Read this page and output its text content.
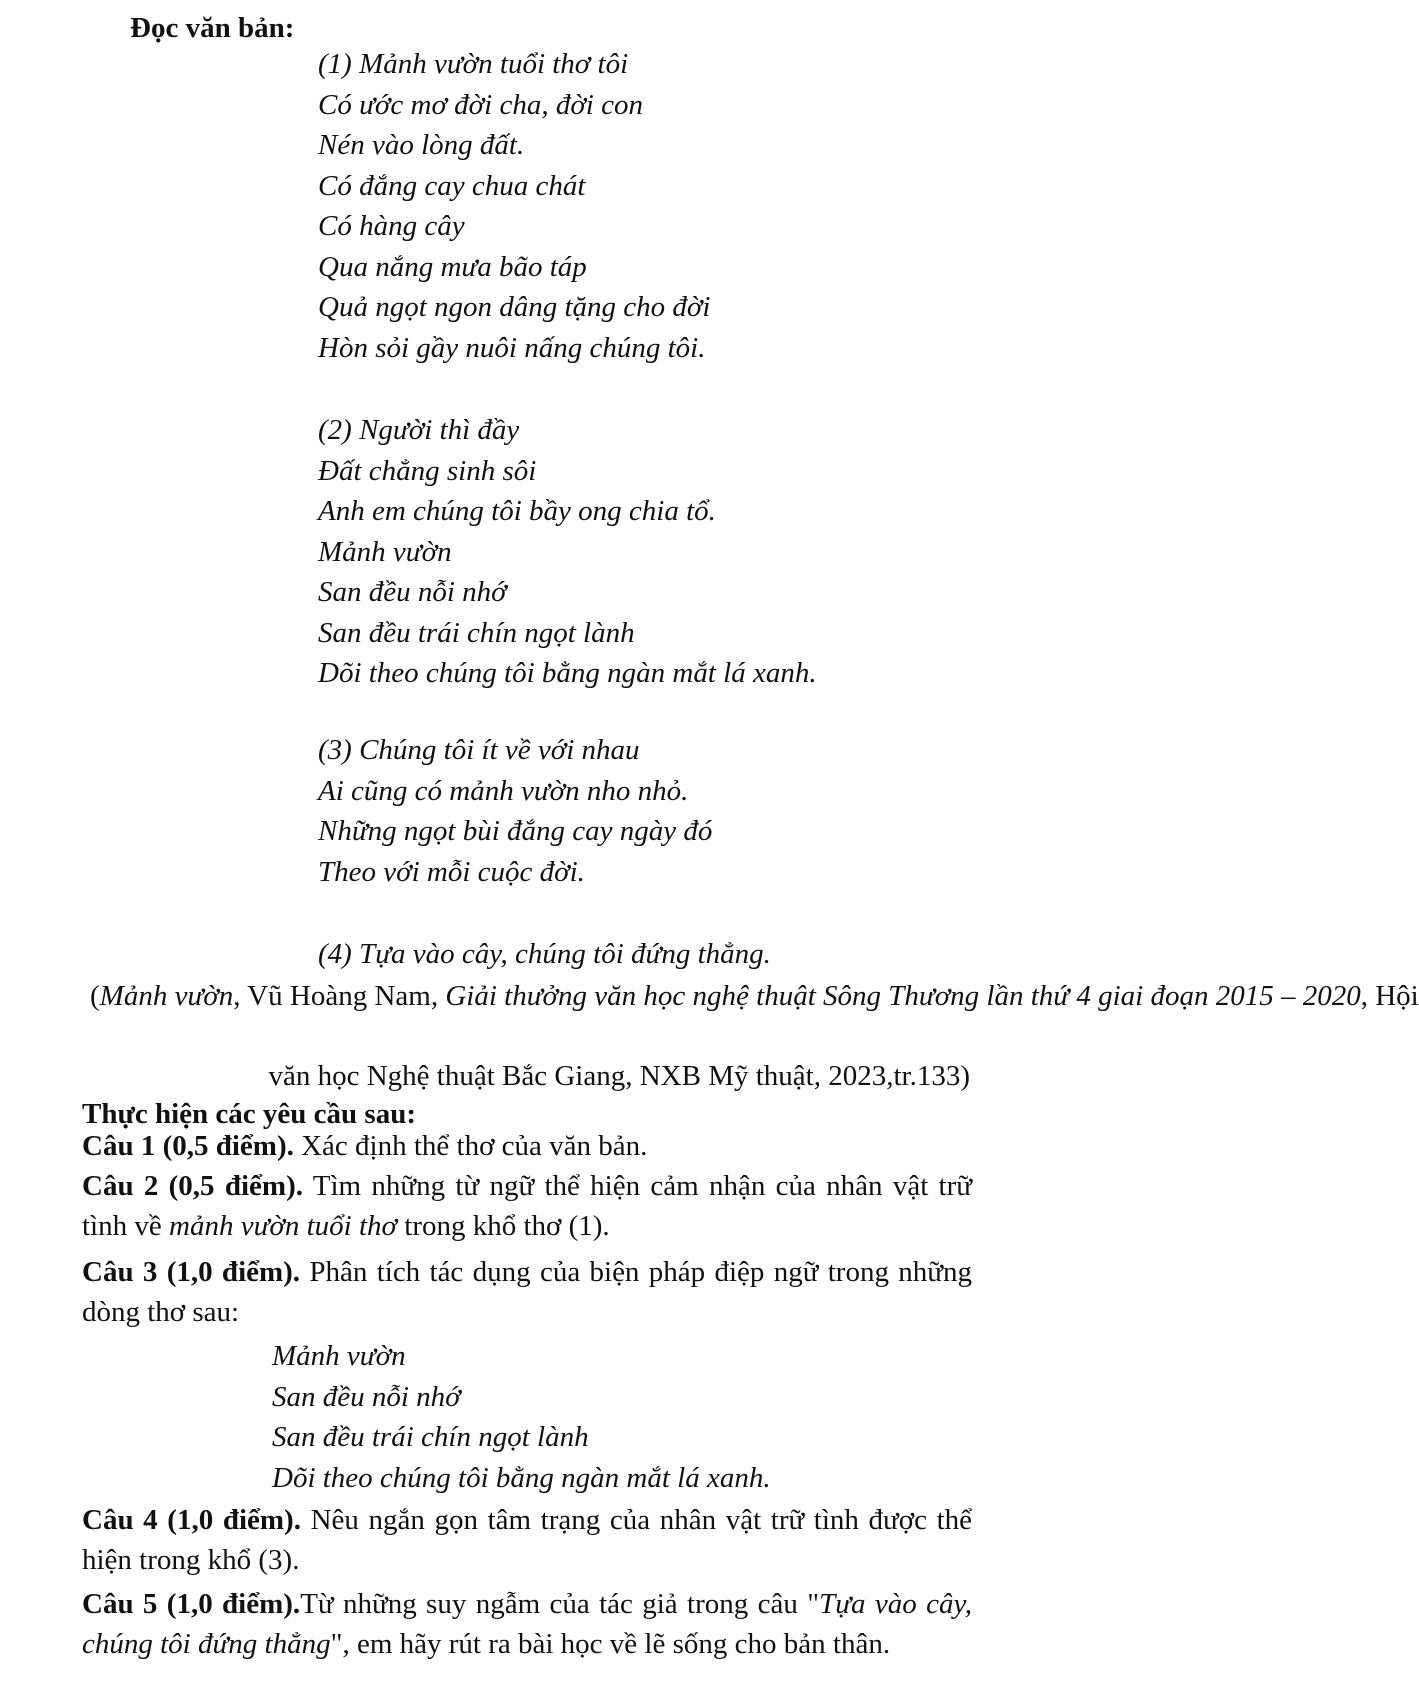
Đọc văn bản:
(1) Mảnh vườn tuổi thơ tôi
Có ước mơ đời cha, đời con
Nén vào lòng đất.
Có đắng cay chua chát
Có hàng cây
Qua nắng mưa bão táp
Quả ngọt ngon dâng tặng cho đời
Hòn sỏi gầy nuôi nấng chúng tôi.
(2) Người thì đầy
Đất chẳng sinh sôi
Anh em chúng tôi bầy ong chia tổ.
Mảnh vườn
San đều nỗi nhớ
San đều trái chín ngọt lành
Dõi theo chúng tôi bằng ngàn mắt lá xanh.
(3) Chúng tôi ít về với nhau
Ai cũng có mảnh vườn nho nhỏ.
Những ngọt bùi đắng cay ngày đó
Theo với mỗi cuộc đời.
(4) Tựa vào cây, chúng tôi đứng thẳng.
(Mảnh vườn, Vũ Hoàng Nam, Giải thưởng văn học nghệ thuật Sông Thương lần thứ 4 giai đoạn 2015 – 2020, Hội
văn học Nghệ thuật Bắc Giang, NXB Mỹ thuật, 2023,tr.133)
Thực hiện các yêu cầu sau:

Câu 1 (0,5 điểm). Xác định thể thơ của văn bản.

Câu 2 (0,5 điểm). Tìm những từ ngữ thể hiện cảm nhận của nhân vật trữ tình về mảnh vườn tuổi thơ trong khổ thơ (1).

Câu 3 (1,0 điểm). Phân tích tác dụng của biện pháp điệp ngữ trong những dòng thơ sau:

Mảnh vườn
San đều nỗi nhớ
San đều trái chín ngọt lành
Dõi theo chúng tôi bằng ngàn mắt lá xanh.

Câu 4 (1,0 điểm). Nêu ngắn gọn tâm trạng của nhân vật trữ tình được thể hiện trong khổ (3).

Câu 5 (1,0 điểm).Từ những suy ngẫm của tác giả trong câu "Tựa vào cây, chúng tôi đứng thẳng", em hãy rút ra bài học về lẽ sống cho bản thân.
